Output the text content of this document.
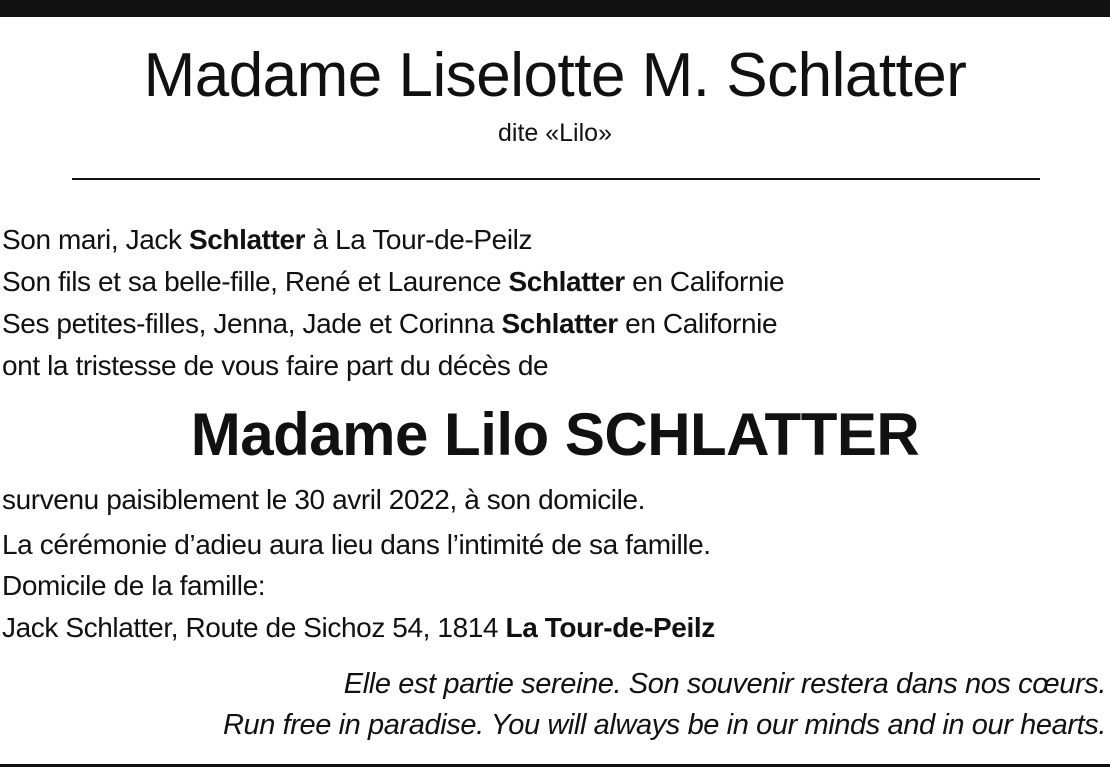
Madame Liselotte M. Schlatter
dite «Lilo»
Son mari, Jack Schlatter à La Tour-de-Peilz
Son fils et sa belle-fille, René et Laurence Schlatter en Californie
Ses petites-filles, Jenna, Jade et Corinna Schlatter en Californie
ont la tristesse de vous faire part du décès de
Madame Lilo SCHLATTER
survenu paisiblement le 30 avril 2022, à son domicile.
La cérémonie d’adieu aura lieu dans l’intimité de sa famille.
Domicile de la famille:
Jack Schlatter, Route de Sichoz 54, 1814 La Tour-de-Peilz
Elle est partie sereine. Son souvenir restera dans nos cœurs.
Run free in paradise. You will always be in our minds and in our hearts.
